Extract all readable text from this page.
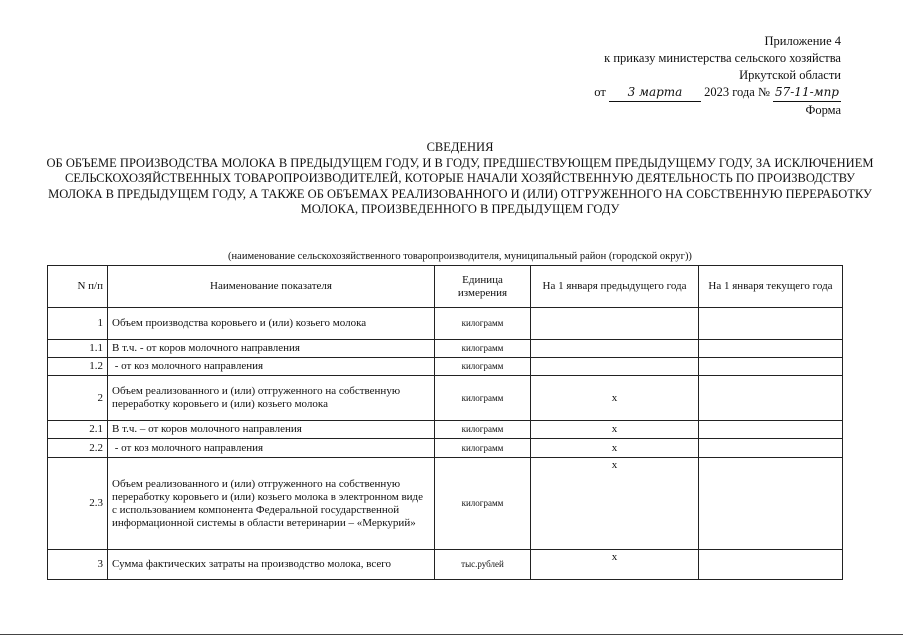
Приложение 4
к приказу министерства сельского хозяйства
Иркутской области
от 3 марта 2023 года № 57-11-мпр
Форма
СВЕДЕНИЯ
ОБ ОБЪЕМЕ ПРОИЗВОДСТВА МОЛОКА В ПРЕДЫДУЩЕМ ГОДУ, И В ГОДУ, ПРЕДШЕСТВУЮЩЕМ ПРЕДЫДУЩЕМУ ГОДУ, ЗА ИСКЛЮЧЕНИЕМ СЕЛЬСКОХОЗЯЙСТВЕННЫХ ТОВАРОПРОИЗВОДИТЕЛЕЙ, КОТОРЫЕ НАЧАЛИ ХОЗЯЙСТВЕННУЮ ДЕЯТЕЛЬНОСТЬ ПО ПРОИЗВОДСТВУ МОЛОКА В ПРЕДЫДУЩЕМ ГОДУ, А ТАКЖЕ ОБ ОБЪЕМАХ РЕАЛИЗОВАННОГО И (ИЛИ) ОТГРУЖЕННОГО НА СОБСТВЕННУЮ ПЕРЕРАБОТКУ МОЛОКА, ПРОИЗВЕДЕННОГО В ПРЕДЫДУЩЕМ ГОДУ
(наименование сельскохозяйственного товаропроизводителя, муниципальный район (городской округ))
N п/п	Наименование показателя	Единица измерения	На 1 января предыдущего года	На 1 января текущего года
1	Объем производства коровьего и (или) козьего молока	килограмм		
1.1	В т.ч. - от коров молочного направления	килограмм		
1.2	- от коз молочного направления	килограмм		
2	Объем реализованного и (или) отгруженного на собственную переработку коровьего и (или) козьего молока	килограмм	х	
2.1	В т.ч. – от коров молочного направления	килограмм	х	
2.2	- от коз молочного направления	килограмм	х	
2.3	Объем реализованного и (или) отгруженного на собственную переработку коровьего и (или) козьего молока в электронном виде с использованием компонента Федеральной государственной информационной системы в области ветеринарии – «Меркурий»	килограмм	х	
3	Сумма фактических затраты на производство молока, всего	тыс.рублей	х	
